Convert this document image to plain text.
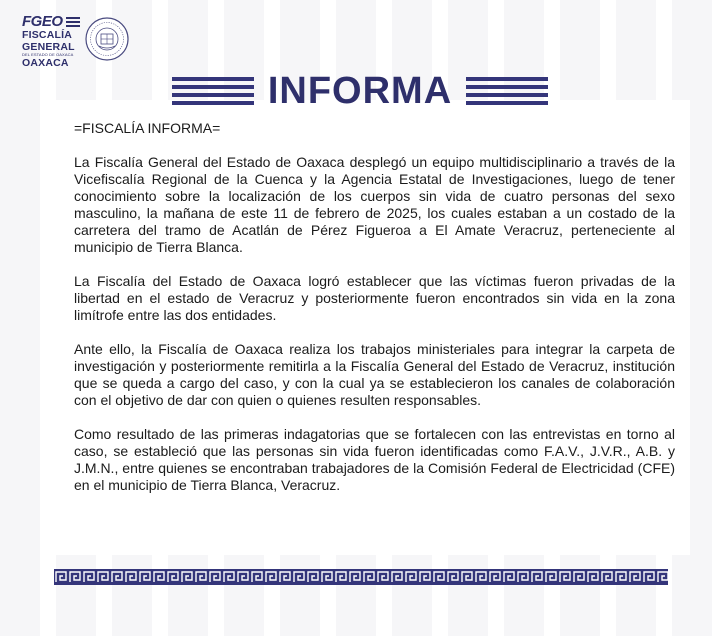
FGEO
FISCALÍA
GENERAL
DEL ESTADO DE OAXACA
OAXACA
INFORMA

=FISCALÍA INFORMA=

La Fiscalía General del Estado de Oaxaca desplegó un equipo multidisciplinario a través de la Vicefiscalía Regional de la Cuenca y la Agencia Estatal de Investigaciones, luego de tener conocimiento sobre la localización de los cuerpos sin vida de cuatro personas del sexo masculino, la mañana de este 11 de febrero de 2025, los cuales estaban a un costado de la carretera del tramo de Acatlán de Pérez Figueroa a El Amate Veracruz, perteneciente al municipio de Tierra Blanca.

La Fiscalía del Estado de Oaxaca logró establecer que las víctimas fueron privadas de la libertad en el estado de Veracruz y posteriormente fueron encontrados sin vida en la zona limítrofe entre las dos entidades.

Ante ello, la Fiscalía de Oaxaca realiza los trabajos ministeriales para integrar la carpeta de investigación y posteriormente remitirla a la Fiscalía General del Estado de Veracruz, institución que se queda a cargo del caso, y con la cual ya se establecieron los canales de colaboración con el objetivo de dar con quien o quienes resulten responsables.

Como resultado de las primeras indagatorias que se fortalecen con las entrevistas en torno al caso, se estableció que las personas sin vida fueron identificadas como F.A.V., J.V.R., A.B. y J.M.N., entre quienes se encontraban trabajadores de la Comisión Federal de Electricidad (CFE) en el municipio de Tierra Blanca, Veracruz.
